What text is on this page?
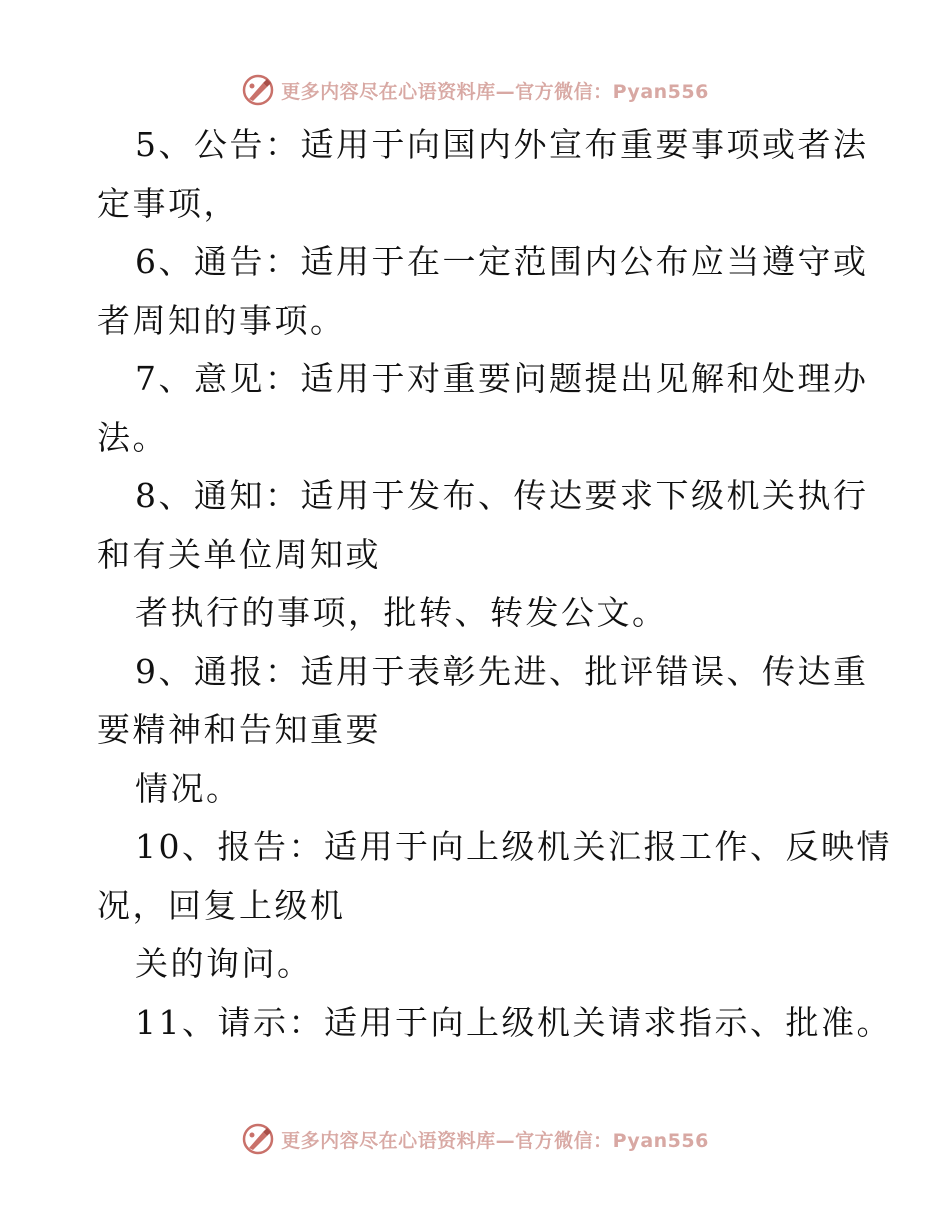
更多内容尽在心语资料库—官方微信：Pyan556

5、公告：适用于向国内外宣布重要事项或者法

定事项，

6、通告：适用于在一定范围内公布应当遵守或

者周知的事项。

7、意见：适用于对重要问题提出见解和处理办

法。

8、通知：适用于发布、传达要求下级机关执行

和有关单位周知或

者执行的事项，批转、转发公文。

9、通报：适用于表彰先进、批评错误、传达重

要精神和告知重要

情况。

10、报告：适用于向上级机关汇报工作、反映情

况，回复上级机

关的询问。

11、请示：适用于向上级机关请求指示、批准。

更多内容尽在心语资料库—官方微信：Pyan556
